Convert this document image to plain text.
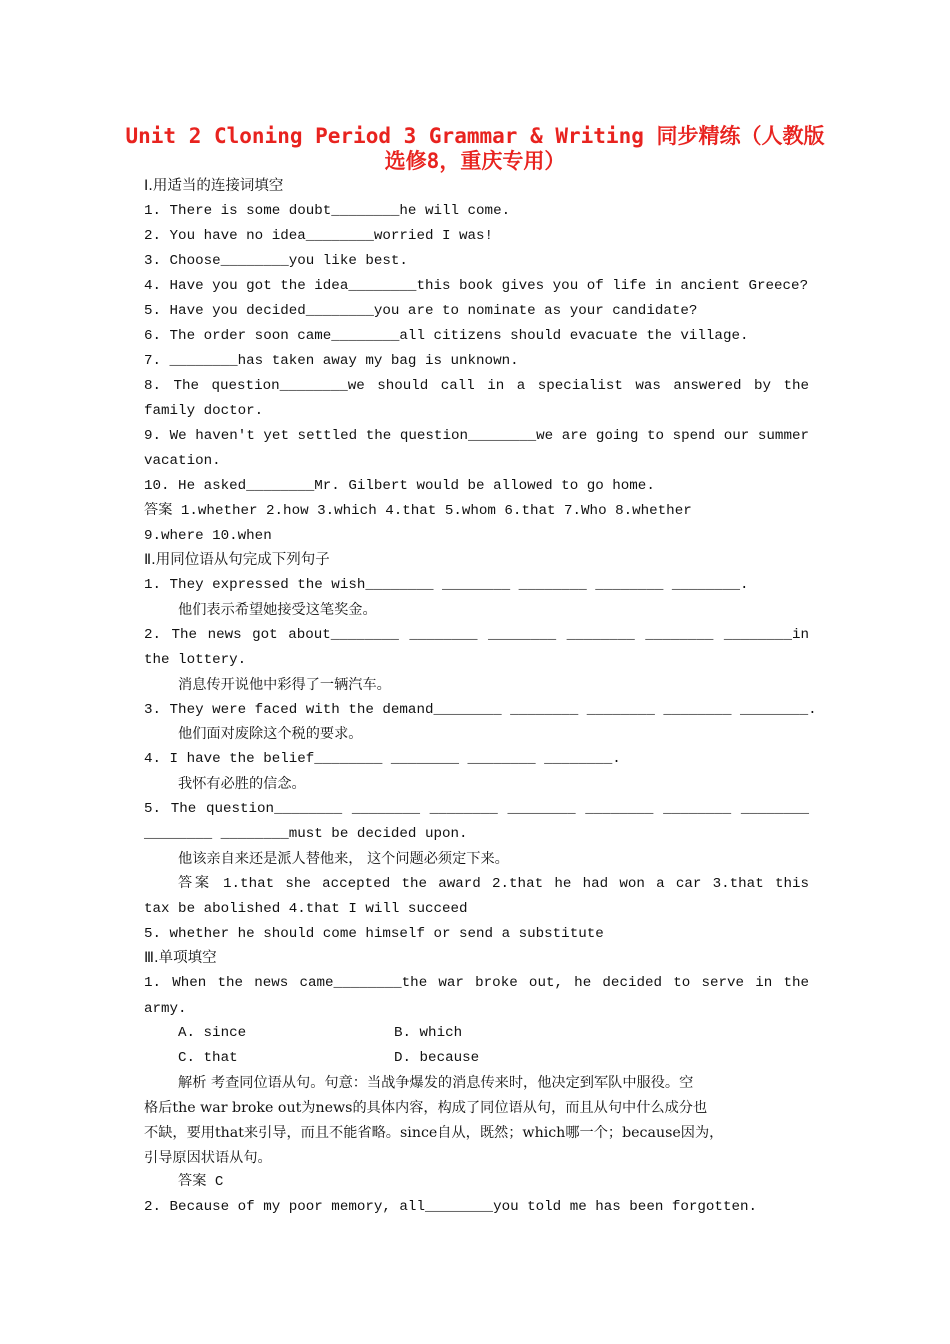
Unit 2 Cloning Period 3 Grammar & Writing 同步精练（人教版
选修8，重庆专用）
Ⅰ.用适当的连接词填空
1. There is some doubt________he will come.
2. You have no idea________worried I was!
3. Choose________you like best.
4. Have you got the idea________this book gives you of life in ancient Greece?
5. Have you decided________you are to nominate as your candidate?
6. The order soon came________all citizens should evacuate the village.
7. ________has taken away my bag is unknown.
8. The question________we should call in a specialist was answered by the
family doctor.
9. We haven't yet settled the question________we are going to spend our summer
vacation.
10. He asked________Mr. Gilbert would be allowed to go home.
答案 1.whether 2.how 3.which 4.that 5.whom 6.that 7.Who 8.whether
9.where 10.when
Ⅱ.用同位语从句完成下列句子
1. They expressed the wish________ ________ ________ ________ ________.
他们表示希望她接受这笔奖金。
2. The news got about________ ________ ________ ________ ________ ________in
the lottery.
消息传开说他中彩得了一辆汽车。
3. They were faced with the demand________ ________ ________ ________ ________.
他们面对废除这个税的要求。
4. I have the belief________ ________ ________ ________.
我怀有必胜的信念。
5. The question________ ________ ________ ________ ________ ________ ________
________ ________must be decided upon.
他该亲自来还是派人替他来， 这个问题必须定下来。
答案 1.that she accepted the award 2.that he had won a car 3.that this
tax be abolished 4.that I will succeed
5. whether he should come himself or send a substitute
Ⅲ.单项填空
1. When the news came________the war broke out, he decided to serve in the
army.
A. since	B. which
C. that	D. because
解析 考查同位语从句。句意：当战争爆发的消息传来时，他决定到军队中服役。空
格后the war broke out为news的具体内容，构成了同位语从句，而且从句中什么成分也
不缺，要用that来引导，而且不能省略。since自从，既然；which哪一个；because因为，
引导原因状语从句。
答案 C
2. Because of my poor memory, all________you told me has been forgotten.
